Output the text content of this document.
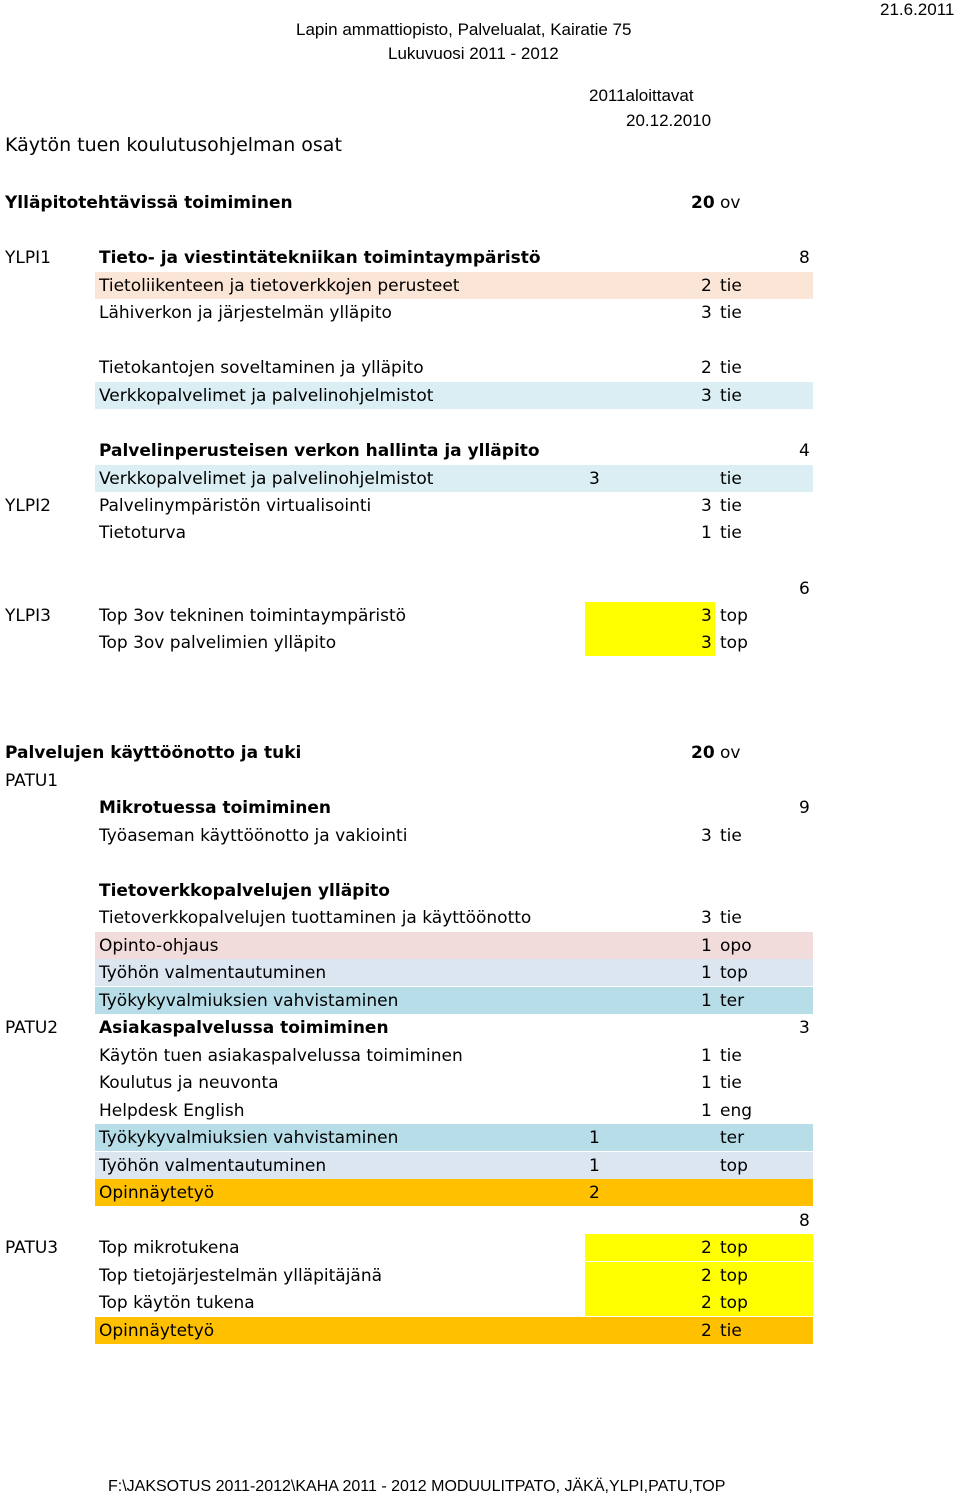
Lapin ammattiopisto, Palvelualat, Kairatie 75
Lukuvuosi 2011 - 2012
21.6.2011
2011aloittavat
20.12.2010
Käytön tuen koulutusohjelman osat
Ylläpitotehtävissä toimiminen	20 ov
YLPI1	Tieto- ja viestintätekniikan toimintaympäristö	8
Tietoliikenteen ja tietoverkkojen perusteet	2 tie
Lähiverkon ja järjestelmän ylläpito	3 tie
Tietokantojen soveltaminen ja ylläpito	2 tie
Verkkopalvelimet ja palvelinohjelmistot	3 tie
Palvelinperusteisen verkon hallinta ja ylläpito	4
Verkkopalvelimet ja palvelinohjelmistot	3	tie
YLPI2	Palvelinympäristön virtualisointi	3 tie
Tietoturva	1 tie
6
YLPI3	Top 3ov tekninen toimintaympäristö	3 top
Top 3ov palvelimien ylläpito	3 top
Palvelujen käyttöönotto ja tuki	20 ov
PATU1
Mikrotuessa toimiminen	9
Työaseman käyttöönotto ja vakiointi	3 tie
Tietoverkkopalvelujen ylläpito
Tietoverkkopalvelujen tuottaminen ja käyttöönotto	3 tie
Opinto-ohjaus	1 opo
Työhön valmentautuminen	1 top
Työkykyvalmiuksien vahvistaminen	1 ter
PATU2 Asiakaspalvelussa toimiminen	3
Käytön tuen asiakaspalvelussa toimiminen	1 tie
Koulutus ja neuvonta	1 tie
Helpdesk English	1 eng
Työkykyvalmiuksien vahvistaminen	1	ter
Työhön valmentautuminen	1	top
Opinnäytetyö	2
8
PATU3 Top mikrotukena	2 top
Top tietojärjestelmän ylläpitäjänä	2 top
Top käytön tukena	2 top
Opinnäytetyö	2 tie
F:\JAKSOTUS 2011-2012\KAHA 2011 - 2012 MODUULITPATO, JÄKÄ,YLPI,PATU,TOP
